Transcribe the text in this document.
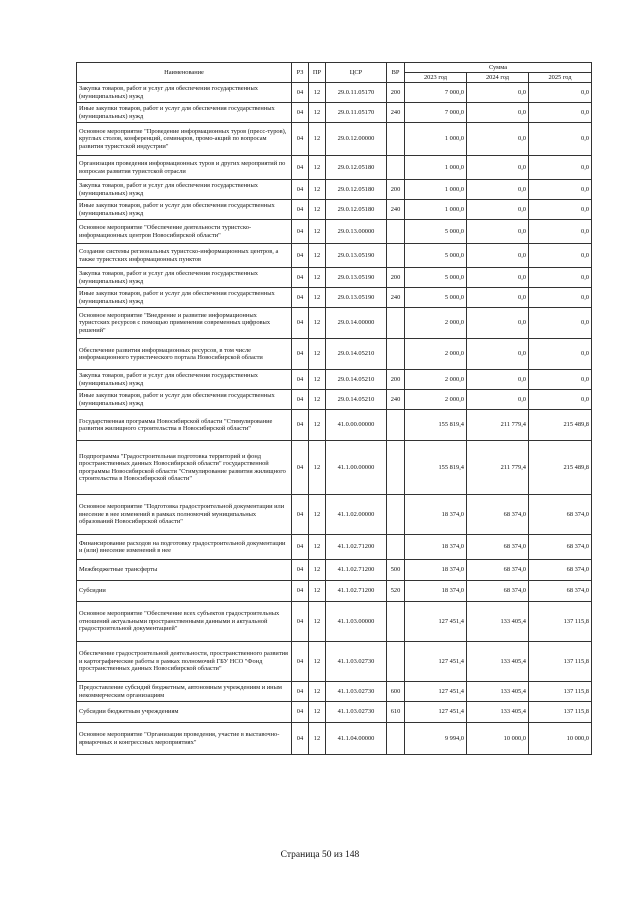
Наименование	РЗ	ПР	ЦСР	ВР	Сумма		
					2023 год	2024 год	2025 год
Закупка товаров, работ и услуг для обеспечения государственных (муниципальных) нужд	04	12	29.0.11.05170	200	7 000,0	0,0	0,0
Иные закупки товаров, работ и услуг для обеспечения государственных (муниципальных) нужд	04	12	29.0.11.05170	240	7 000,0	0,0	0,0
Основное мероприятие "Проведение информационных туров (пресс-туров), круглых столов, конференций, семинаров, промо-акций по вопросам развития туристской индустрии"	04	12	29.0.12.00000		1 000,0	0,0	0,0
Организация проведения информационных туров и других мероприятий по вопросам развития туристской отрасли	04	12	29.0.12.05180		1 000,0	0,0	0,0
Закупка товаров, работ и услуг для обеспечения государственных (муниципальных) нужд	04	12	29.0.12.05180	200	1 000,0	0,0	0,0
Иные закупки товаров, работ и услуг для обеспечения государственных (муниципальных) нужд	04	12	29.0.12.05180	240	1 000,0	0,0	0,0
Основное мероприятие "Обеспечение деятельности туристско-информационных центров Новосибирской области"	04	12	29.0.13.00000		5 000,0	0,0	0,0
Создание системы региональных туристско-информационных центров, а также туристских информационных пунктов	04	12	29.0.13.05190		5 000,0	0,0	0,0
Закупка товаров, работ и услуг для обеспечения государственных (муниципальных) нужд	04	12	29.0.13.05190	200	5 000,0	0,0	0,0
Иные закупки товаров, работ и услуг для обеспечения государственных (муниципальных) нужд	04	12	29.0.13.05190	240	5 000,0	0,0	0,0
Основное мероприятие "Внедрение и развитие информационных туристских ресурсов с помощью применения современных цифровых решений"	04	12	29.0.14.00000		2 000,0	0,0	0,0
Обеспечение развития информационных ресурсов, в том числе информационного туристического портала Новосибирской области	04	12	29.0.14.05210		2 000,0	0,0	0,0
Закупка товаров, работ и услуг для обеспечения государственных (муниципальных) нужд	04	12	29.0.14.05210	200	2 000,0	0,0	0,0
Иные закупки товаров, работ и услуг для обеспечения государственных (муниципальных) нужд	04	12	29.0.14.05210	240	2 000,0	0,0	0,0
Государственная программа Новосибирской области "Стимулирование развития жилищного строительства в Новосибирской области"	04	12	41.0.00.00000		155 819,4	211 779,4	215 489,8
Подпрограмма "Градостроительная подготовка территорий и фонд пространственных данных Новосибирской области" государственной программы Новосибирской области "Стимулирование развития жилищного строительства в Новосибирской области"	04	12	41.1.00.00000		155 819,4	211 779,4	215 489,8
Основное мероприятие "Подготовка градостроительной документации или внесение в нее изменений в рамках полномочий муниципальных образований Новосибирской области"	04	12	41.1.02.00000		18 374,0	68 374,0	68 374,0
Финансирование расходов на подготовку градостроительной документации и (или) внесение изменений в нее	04	12	41.1.02.71200		18 374,0	68 374,0	68 374,0
Межбюджетные трансферты	04	12	41.1.02.71200	500	18 374,0	68 374,0	68 374,0
Субсидии	04	12	41.1.02.71200	520	18 374,0	68 374,0	68 374,0
Основное мероприятие "Обеспечение всех субъектов градостроительных отношений актуальными пространственными данными и актуальной градостроительной документацией"	04	12	41.1.03.00000		127 451,4	133 405,4	137 115,8
Обеспечение градостроительной деятельности, пространственного развития и картографические работы в рамках полномочий ГБУ НСО "Фонд пространственных данных Новосибирской области"	04	12	41.1.03.02730		127 451,4	133 405,4	137 115,8
Предоставление субсидий бюджетным, автономным учреждениям и иным некоммерческим организациям	04	12	41.1.03.02730	600	127 451,4	133 405,4	137 115,8
Субсидии бюджетным учреждениям	04	12	41.1.03.02730	610	127 451,4	133 405,4	137 115,8
Основное мероприятие "Организация проведения, участие в выставочно-ярмарочных и конгрессных мероприятиях"	04	12	41.1.04.00000		9 994,0	10 000,0	10 000,0
Страница 50 из 148
